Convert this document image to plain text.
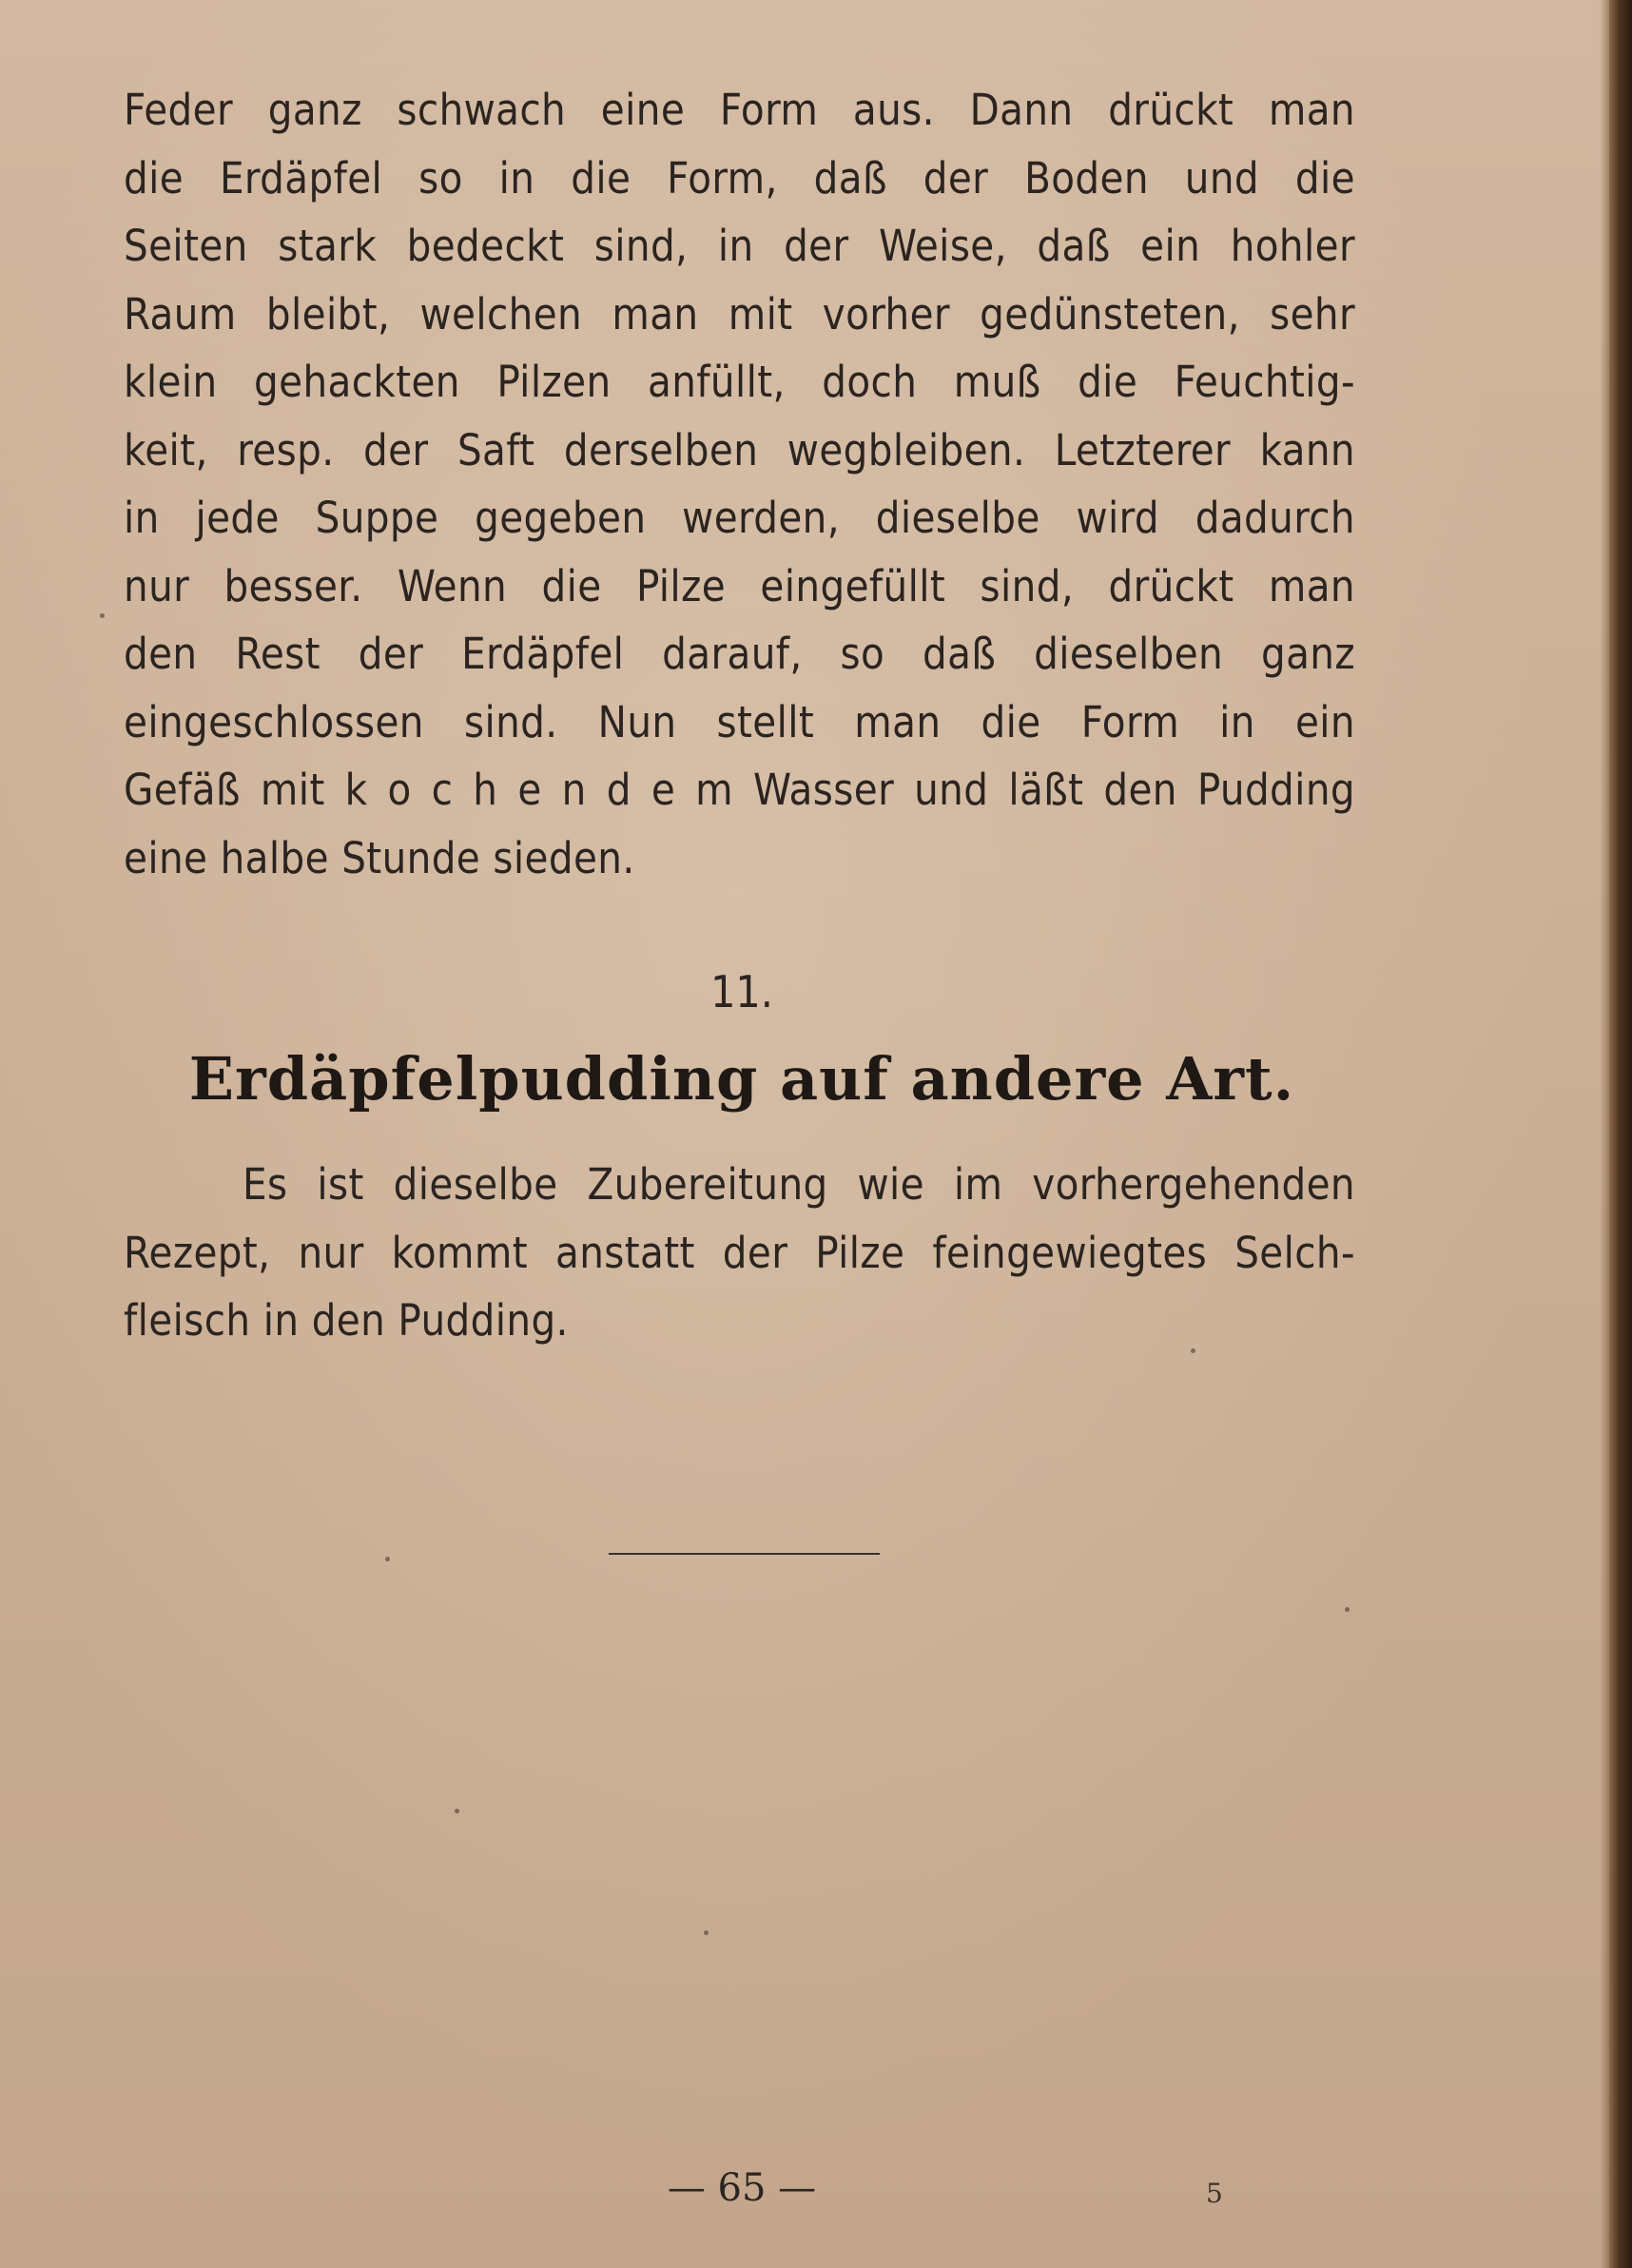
Feder ganz schwach eine Form aus. Dann drückt man
die Erdäpfel so in die Form, daß der Boden und die
Seiten stark bedeckt sind, in der Weise, daß ein hohler
Raum bleibt, welchen man mit vorher gedünsteten, sehr
klein gehackten Pilzen anfüllt, doch muß die Feuchtig-
keit, resp. der Saft derselben wegbleiben. Letzterer kann
in jede Suppe gegeben werden, dieselbe wird dadurch
nur besser. Wenn die Pilze eingefüllt sind, drückt man
den Rest der Erdäpfel darauf, so daß dieselben ganz
eingeschlossen sind. Nun stellt man die Form in ein
Gefäß mit k o c h e n d e m Wasser und läßt den Pudding
eine halbe Stunde sieden.
11.
Erdäpfelpudding auf andere Art.
Es ist dieselbe Zubereitung wie im vorhergehenden
Rezept, nur kommt anstatt der Pilze feingewiegtes Selch-
fleisch in den Pudding.
— 65 —	5
